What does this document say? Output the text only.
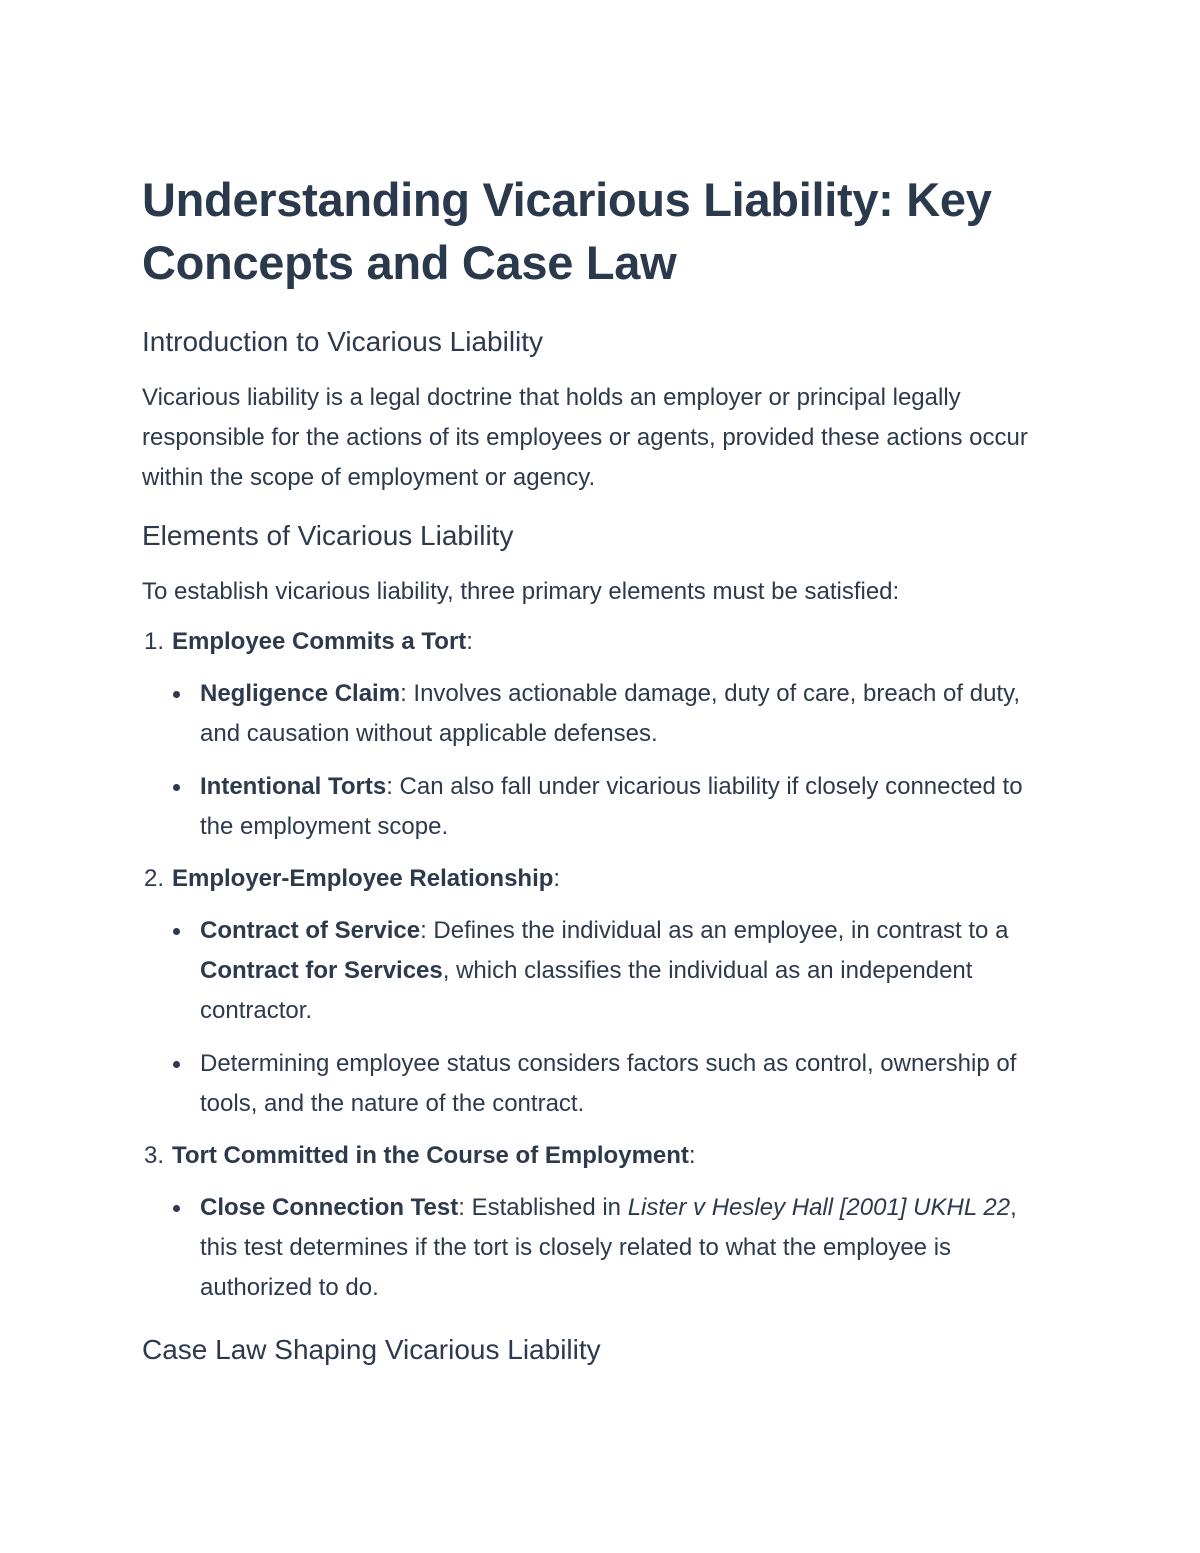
Understanding Vicarious Liability: Key Concepts and Case Law
Introduction to Vicarious Liability

Vicarious liability is a legal doctrine that holds an employer or principal legally responsible for the actions of its employees or agents, provided these actions occur within the scope of employment or agency.

Elements of Vicarious Liability

To establish vicarious liability, three primary elements must be satisfied:

1. Employee Commits a Tort:
Negligence Claim: Involves actionable damage, duty of care, breach of duty, and causation without applicable defenses.
Intentional Torts: Can also fall under vicarious liability if closely connected to the employment scope.
2. Employer-Employee Relationship:
Contract of Service: Defines the individual as an employee, in contrast to a Contract for Services, which classifies the individual as an independent contractor.
Determining employee status considers factors such as control, ownership of tools, and the nature of the contract.
3. Tort Committed in the Course of Employment:
Close Connection Test: Established in Lister v Hesley Hall [2001] UKHL 22, this test determines if the tort is closely related to what the employee is authorized to do.
Case Law Shaping Vicarious Liability
